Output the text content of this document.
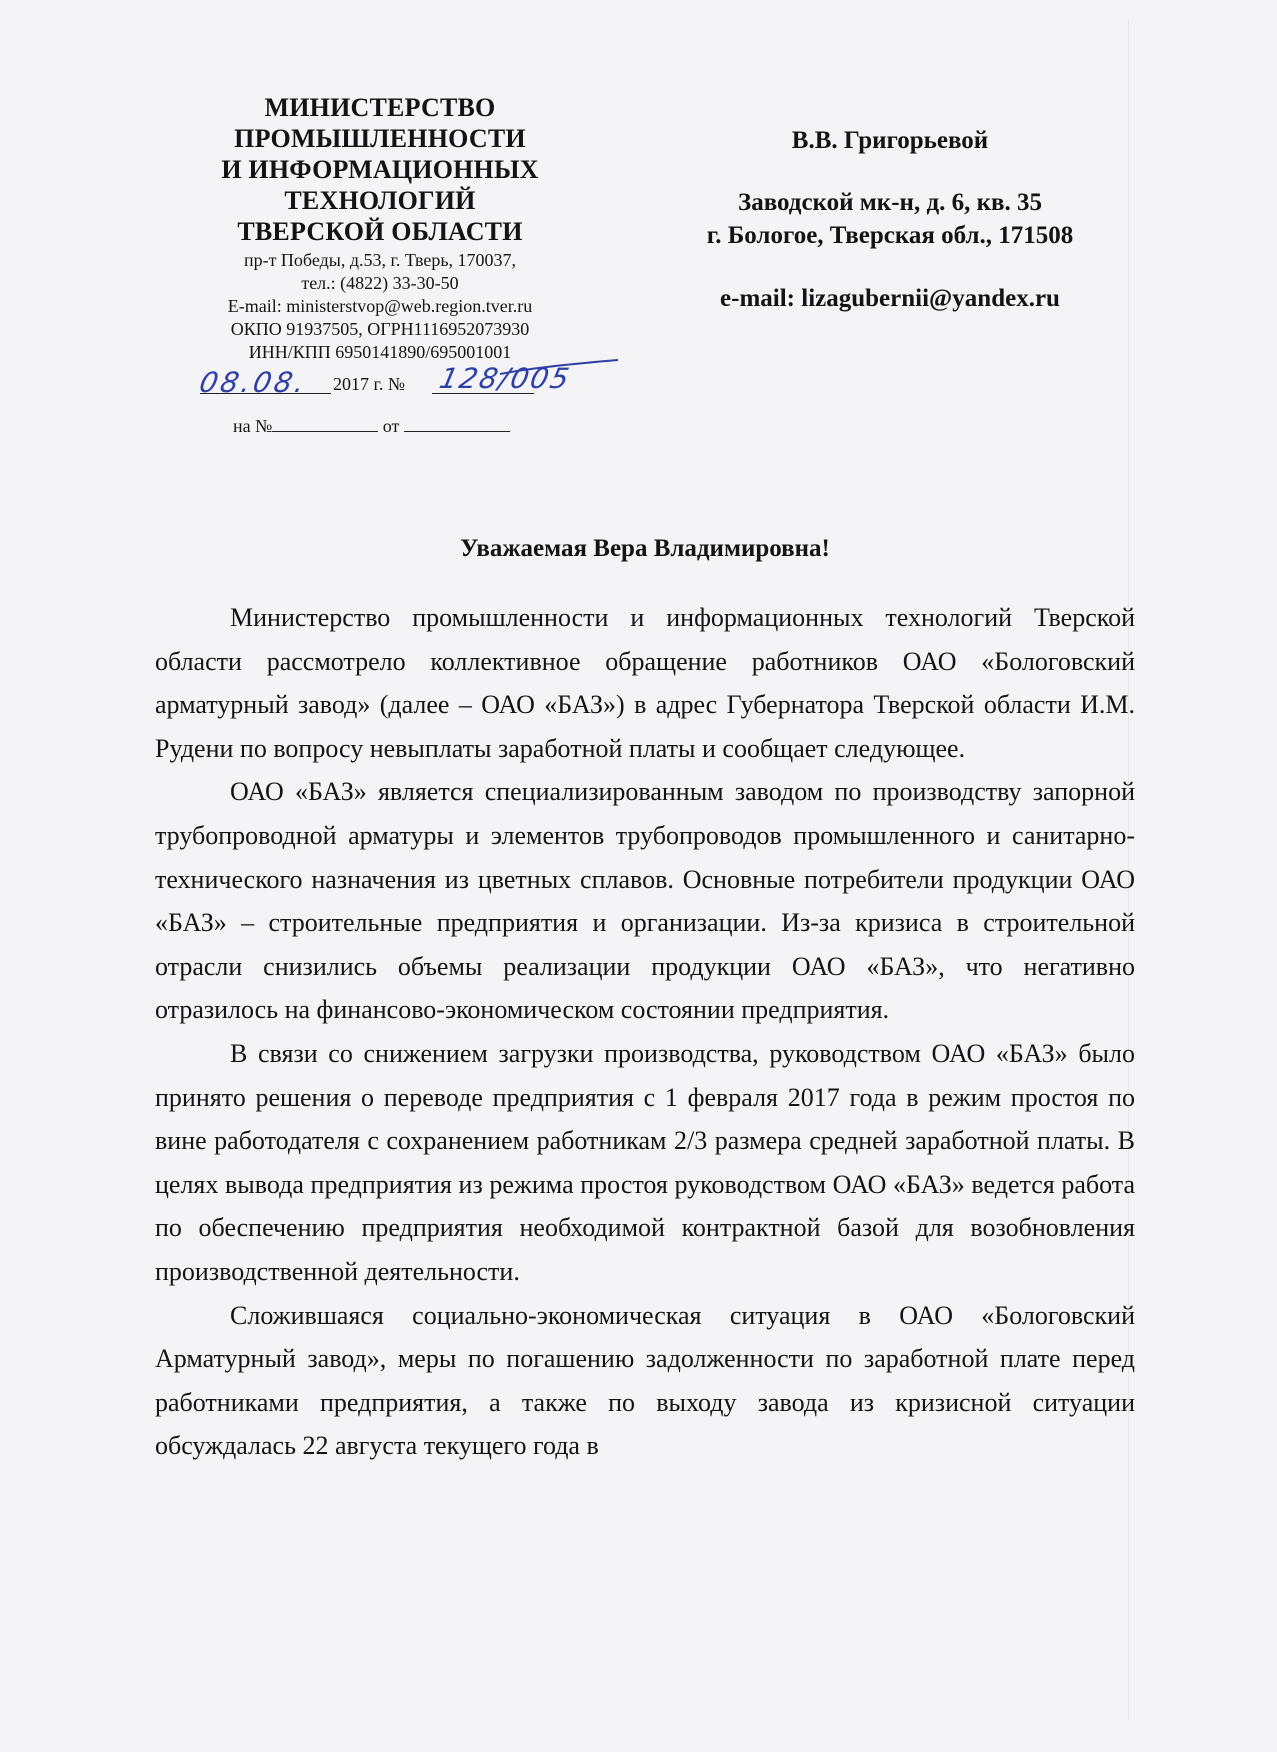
МИНИСТЕРСТВО
ПРОМЫШЛЕННОСТИ
И ИНФОРМАЦИОННЫХ
ТЕХНОЛОГИЙ
ТВЕРСКОЙ ОБЛАСТИ
пр-т Победы, д.53, г. Тверь, 170037,
тел.: (4822) 33-30-50
E-mail: ministerstvop@web.region.tver.ru
ОКПО 91937505, ОГРН1116952073930
ИНН/КПП 6950141890/695001001
2017 г. №
08.08.	128/005
на №	от
В.В. Григорьевой
Заводской мк-н, д. 6, кв. 35
г. Бологое, Тверская обл., 171508
e-mail: lizagubernii@yandex.ru
Уважаемая Вера Владимировна!

Министерство промышленности и информационных технологий Тверской области рассмотрело коллективное обращение работников ОАО «Бологовский арматурный завод» (далее – ОАО «БАЗ») в адрес Губернатора Тверской области И.М. Рудени по вопросу невыплаты заработной платы и сообщает следующее.

ОАО «БАЗ» является специализированным заводом по производству запорной трубопроводной арматуры и элементов трубопроводов промышленного и санитарно-технического назначения из цветных сплавов. Основные потребители продукции ОАО «БАЗ» – строительные предприятия и организации. Из-за кризиса в строительной отрасли снизились объемы реализации продукции ОАО «БАЗ», что негативно отразилось на финансово-экономическом состоянии предприятия.

В связи со снижением загрузки производства, руководством ОАО «БАЗ» было принято решения о переводе предприятия с 1 февраля 2017 года в режим простоя по вине работодателя с сохранением работникам 2/3 размера средней заработной платы. В целях вывода предприятия из режима простоя руководством ОАО «БАЗ» ведется работа по обеспечению предприятия необходимой контрактной базой для возобновления производственной деятельности.

Сложившаяся социально-экономическая ситуация в ОАО «Бологовский Арматурный завод», меры по погашению задолженности по заработной плате перед работниками предприятия, а также по выходу завода из кризисной ситуации обсуждалась 22 августа текущего года в
